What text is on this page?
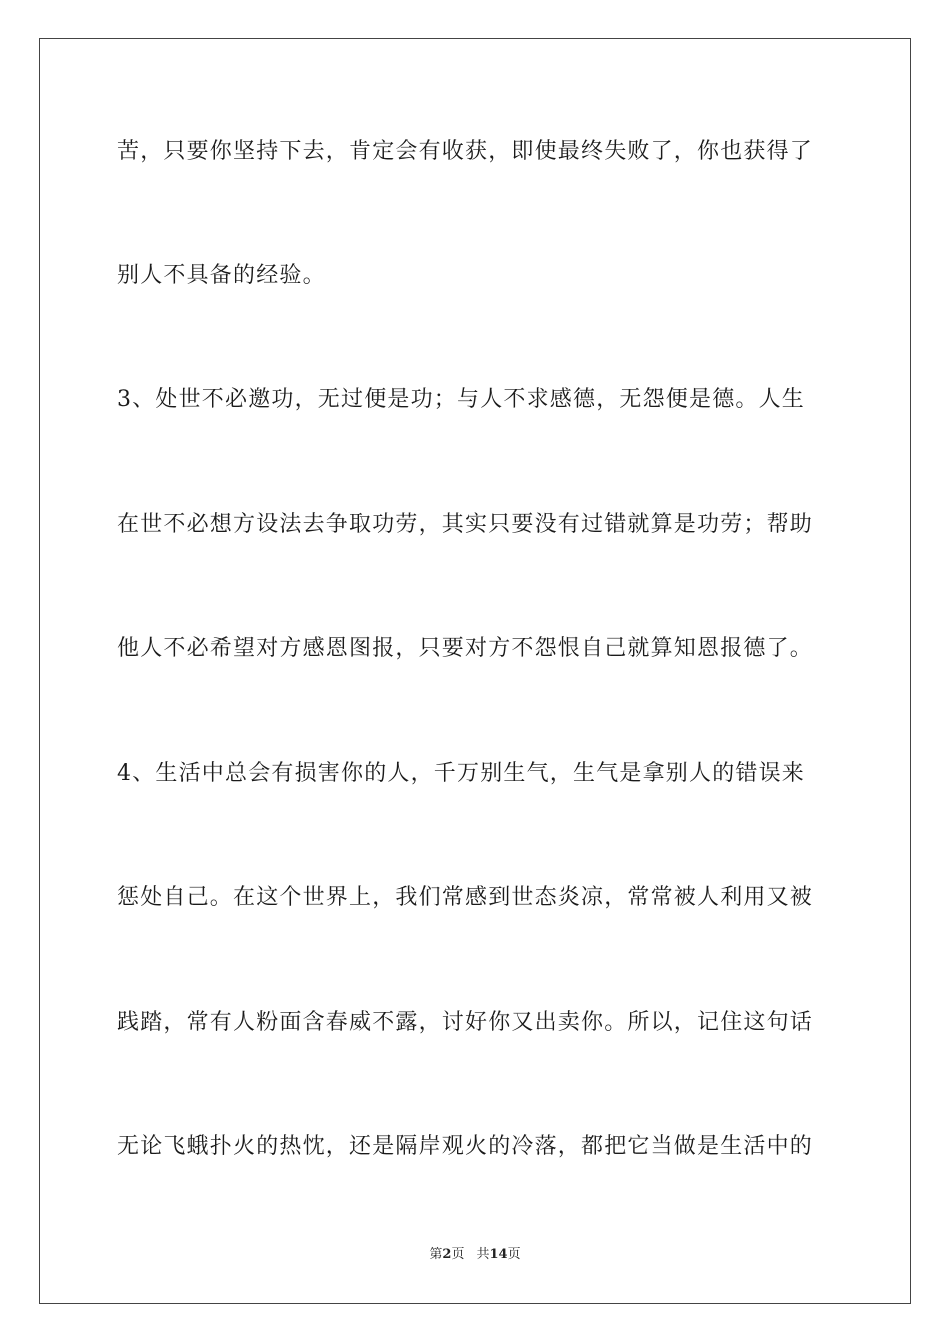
苦，只要你坚持下去，肯定会有收获，即使最终失败了，你也获得了
别人不具备的经验。
3、处世不必邀功，无过便是功；与人不求感德，无怨便是德。人生
在世不必想方设法去争取功劳，其实只要没有过错就算是功劳；帮助
他人不必希望对方感恩图报，只要对方不怨恨自己就算知恩报德了。
4、生活中总会有损害你的人，千万别生气，生气是拿别人的错误来
惩处自己。在这个世界上，我们常感到世态炎凉，常常被人利用又被
践踏，常有人粉面含春威不露，讨好你又出卖你。所以，记住这句话
无论飞蛾扑火的热忱，还是隔岸观火的冷落，都把它当做是生活中的
第2页 共14页
